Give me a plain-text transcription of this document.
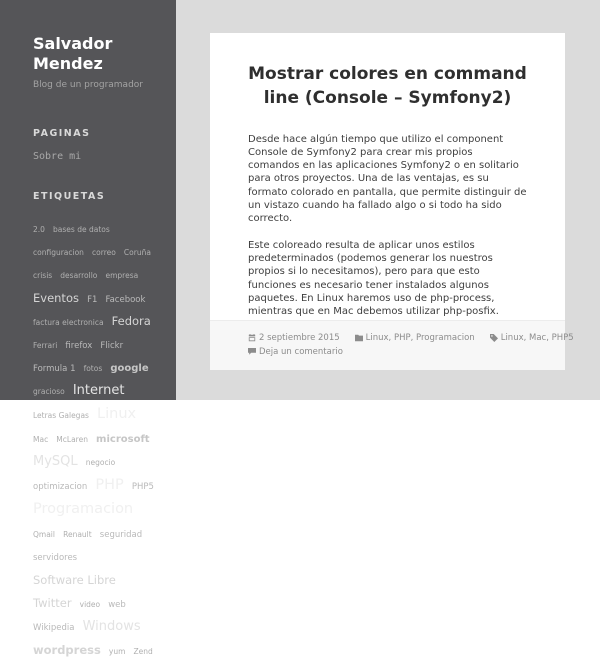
Salvador Mendez
Blog de un programador
PAGINAS
Sobre mi
ETIQUETAS
2.0 bases de datos configuracion correo Coruña crisis desarrollo empresa Eventos F1 Facebook factura electronica Fedora Ferrari firefox Flickr Formula 1 fotos google gracioso Internet Letras Galegas Linux Mac McLaren microsoft MySQL negocio optimizacion PHP PHP5 Programacion Qmail Renault seguridad servidores Software Libre Twitter video web Wikipedia Windows wordpress yum Zend
Mostrar colores en command line (Console – Symfony2)

Desde hace algún tiempo que utilizo el component Console de Symfony2 para crear mis propios comandos en las aplicaciones Symfony2 o en solitario para otros proyectos. Una de las ventajas, es su formato colorado en pantalla, que permite distinguir de un vistazo cuando ha fallado algo o si todo ha sido correcto.

Este coloreado resulta de aplicar unos estilos predeterminados (podemos generar los nuestros propios si lo necesitamos), pero para que esto funciones es necesario tener instalados algunos paquetes. En Linux haremos uso de php-process, mientras que en Mac debemos utilizar php-posfix.

2 septiembre 2015	Linux, PHP, Programacion	Linux, Mac, PHP5
Deja un comentario
